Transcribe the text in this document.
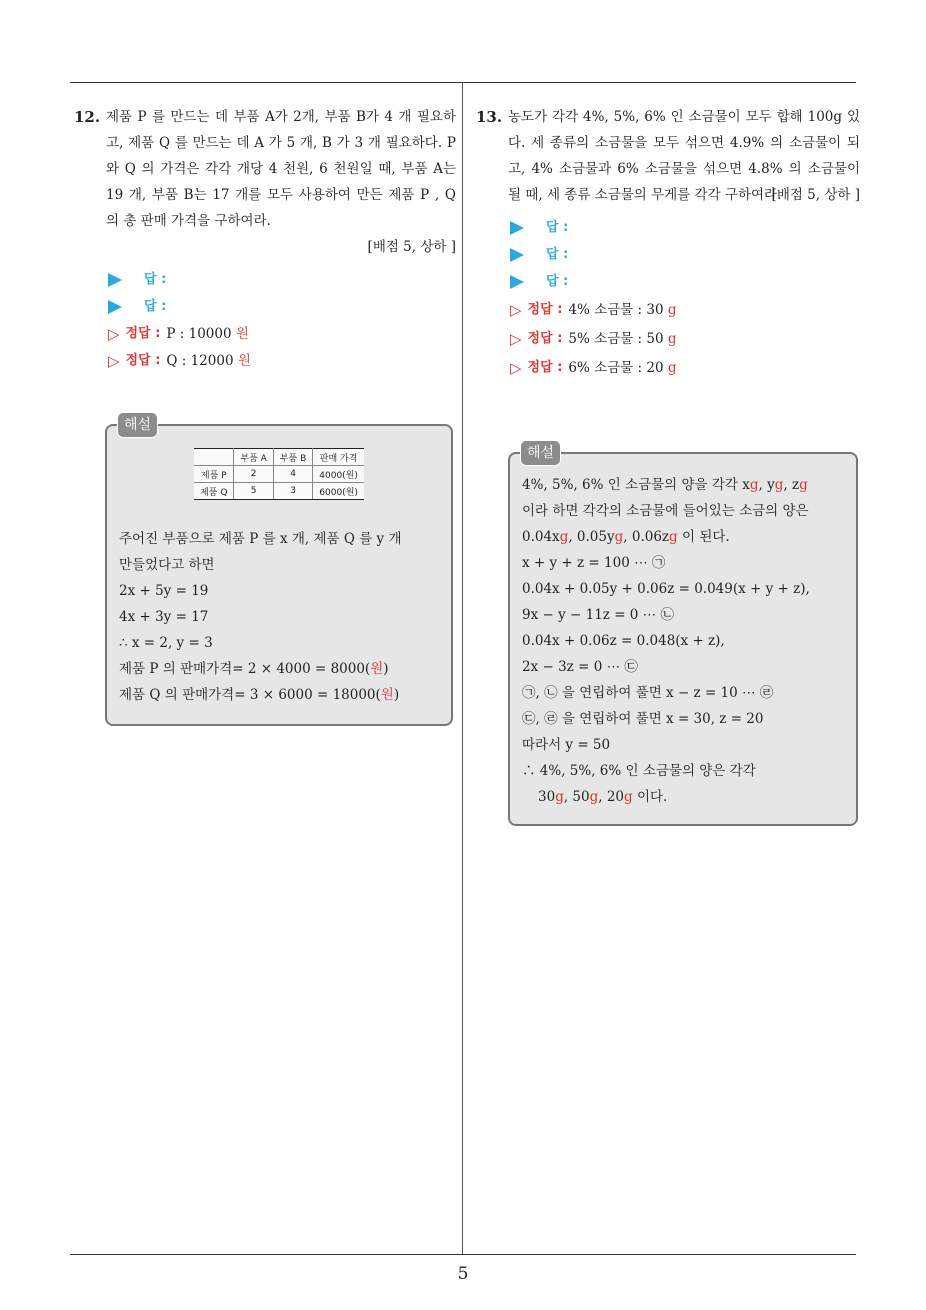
5
12. 제품 P 를 만드는 데 부품 A가 2개, 부품 B가 4 개 필요하고, 제품 Q 를 만드는 데 A 가 5 개, B 가 3 개 필요하다. P 와 Q 의 가격은 각각 개당 4 천원, 6 천원일 때, 부품 A는 19 개, 부품 B는 17 개를 모두 사용하여 만든 제품 P , Q 의 총 판매 가격을 구하여라.
[배점 5, 상하 ]
답 :
답 :
▷ 정답 : P : 10000
원
▷ 정답 : Q : 12000
원
해설
	부품 A	부품 B	판매 가격
제품 P	2	4	4000(원)
제품 Q	5	3	6000(원)
주어진 부품으로 제품 P 를 x 개, 제품 Q 를 y 개
만들었다고 하면
2x + 5y = 19
4x + 3y = 17
∴ x = 2, y = 3
제품 P 의 판매가격= 2 × 4000 = 8000(원)
제품 Q 의 판매가격= 3 × 6000 = 18000(원)
13. 농도가 각각 4%, 5%, 6% 인 소금물이 모두 합해 100g 있다. 세 종류의 소금물을 모두 섞으면 4.9% 의 소금물이 되고, 4% 소금물과 6% 소금물을 섞으면 4.8% 의 소금물이 될 때, 세 종류 소금물의 무게를 각각 구하여라.
[배점 5, 상하 ]
답 :
답 :
답 :
▷ 정답 : 4% 소금물 : 30
g
▷ 정답 : 5% 소금물 : 50
g
▷ 정답 : 6% 소금물 : 20
g
해설
4%, 5%, 6% 인 소금물의 양을 각각 xg, yg, zg
이라 하면 각각의 소금물에 들어있는 소금의 양은
0.04xg, 0.05yg, 0.06zg 이 된다.
x + y + z = 100 ⋯ ㉠
0.04x + 0.05y + 0.06z = 0.049(x + y + z),
9x − y − 11z = 0 ⋯ ㉡
0.04x + 0.06z = 0.048(x + z),
2x − 3z = 0 ⋯ ㉢
㉠, ㉡ 을 연립하여 풀면 x − z = 10 ⋯ ㉣
㉢, ㉣ 을 연립하여 풀면 x = 30, z = 20
따라서 y = 50
∴ 4%, 5%, 6% 인 소금물의 양은 각각
30g, 50g, 20g 이다.
